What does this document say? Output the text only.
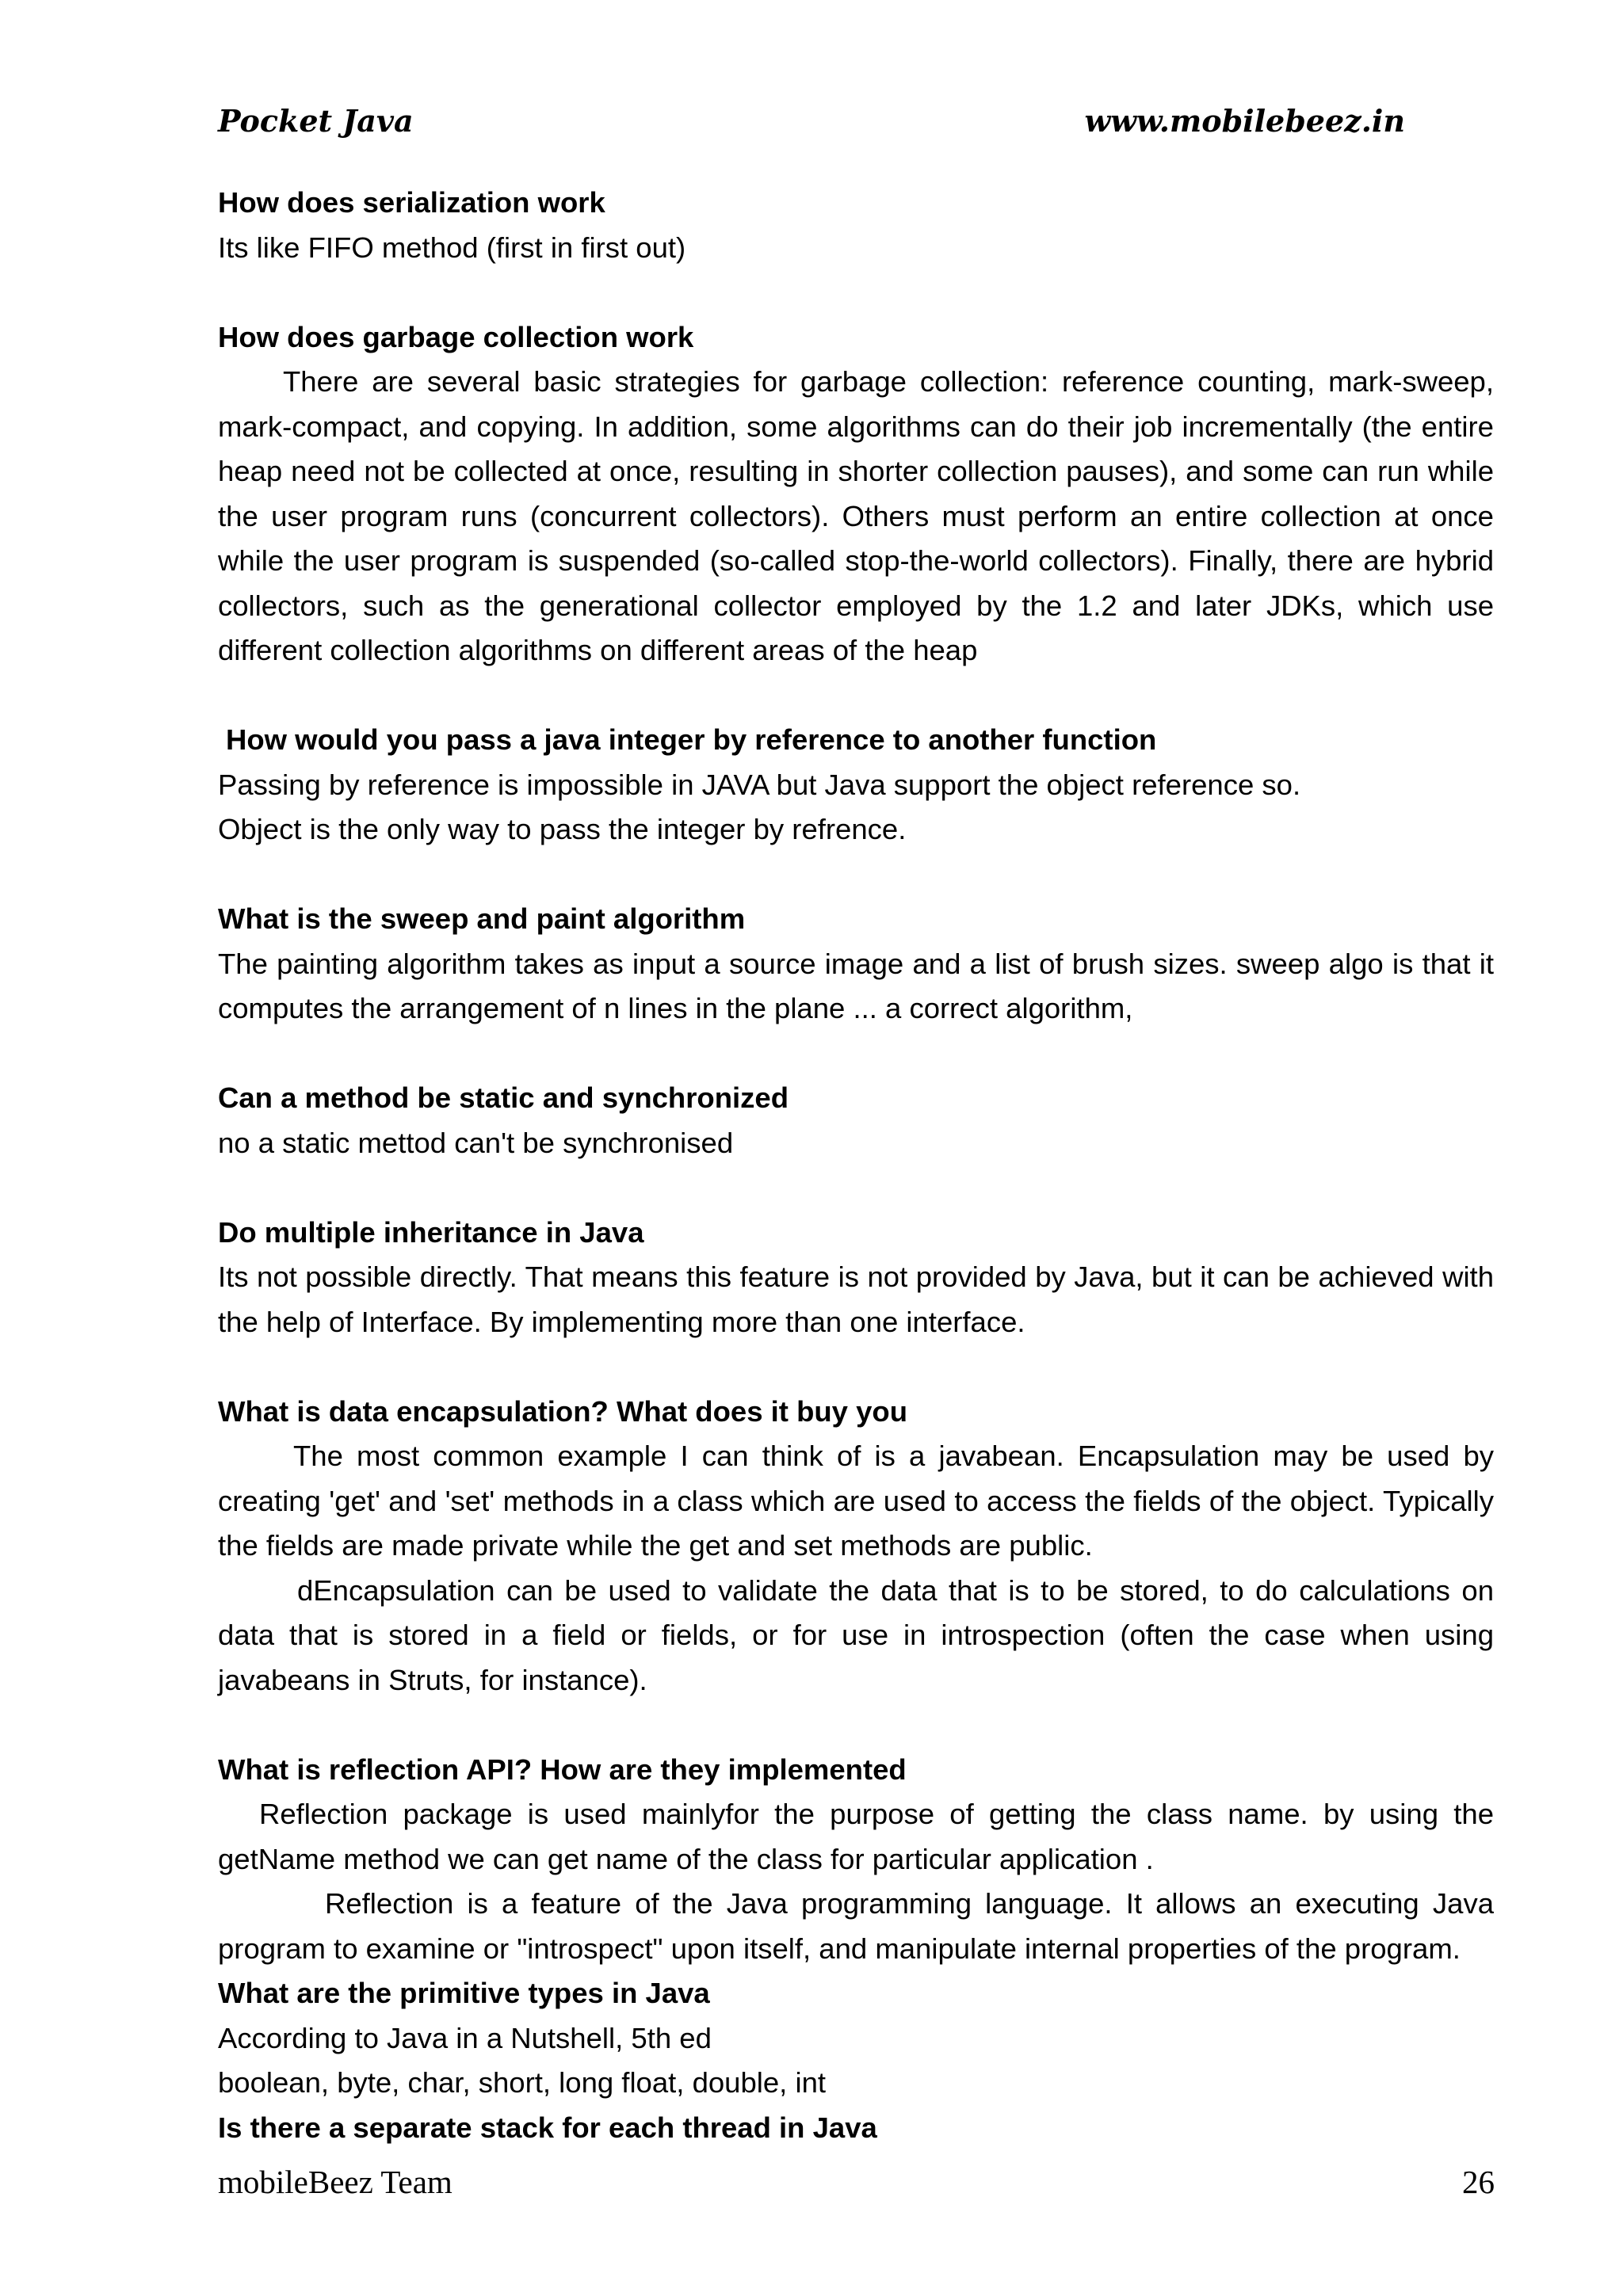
Pocket Java	www.mobilebeez.in
How does serialization work
Its like FIFO method (first in first out)
How does garbage collection work
There are several basic strategies for garbage collection: reference counting, mark-sweep, mark-compact, and copying. In addition, some algorithms can do their job incrementally (the entire heap need not be collected at once, resulting in shorter collection pauses), and some can run while the user program runs (concurrent collectors). Others must perform an entire collection at once while the user program is suspended (so-called stop-the-world collectors). Finally, there are hybrid collectors, such as the generational collector employed by the 1.2 and later JDKs, which use different collection algorithms on different areas of the heap
How would you pass a java integer by reference to another function
Passing by reference is impossible in JAVA but Java support the object reference so.
Object is the only way to pass the integer by refrence.
What is the sweep and paint algorithm
The painting algorithm takes as input a source image and a list of brush sizes. sweep algo is that it computes the arrangement of n lines in the plane ... a correct algorithm,
Can a method be static and synchronized
no a static mettod can't be synchronised
Do multiple inheritance in Java
Its not possible directly. That means this feature is not provided by Java, but it can be achieved with the help of Interface. By implementing more than one interface.
What is data encapsulation? What does it buy you
The most common example I can think of is a javabean. Encapsulation may be used by creating 'get' and 'set' methods in a class which are used to access the fields of the object. Typically the fields are made private while the get and set methods are public.
dEncapsulation can be used to validate the data that is to be stored, to do calculations on data that is stored in a field or fields, or for use in introspection (often the case when using javabeans in Struts, for instance).
What is reflection API? How are they implemented
Reflection package is used mainlyfor the purpose of getting the class name. by using the getName method we can get name of the class for particular application .
Reflection is a feature of the Java programming language. It allows an executing Java program to examine or "introspect" upon itself, and manipulate internal properties of the program.
What are the primitive types in Java
According to Java in a Nutshell, 5th ed
boolean, byte, char, short, long float, double, int
Is there a separate stack for each thread in Java
mobileBeez Team	26
